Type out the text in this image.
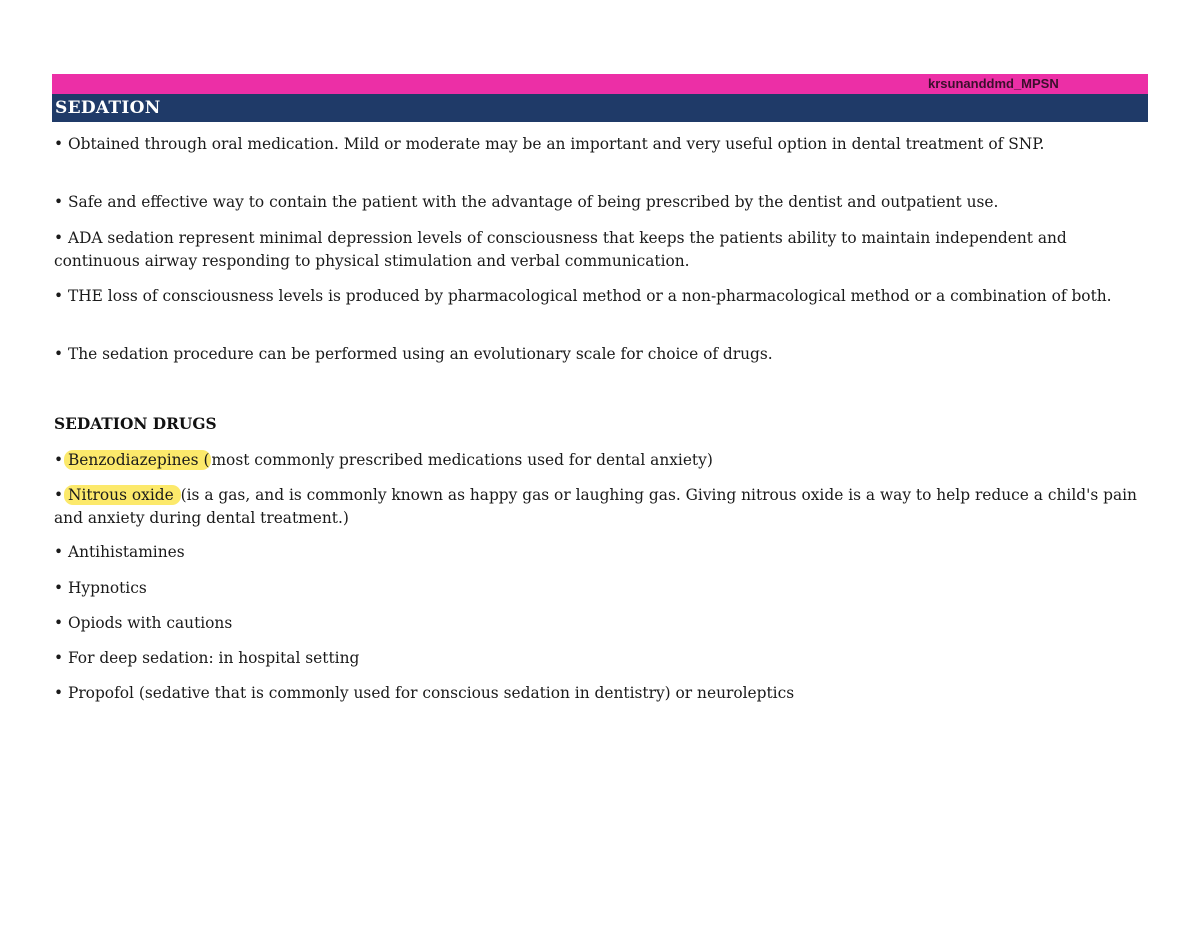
krsunanddmd_MPSN
SEDATION

• Obtained through oral medication. Mild or moderate may be an important and very useful option in dental treatment of SNP.

• Safe and effective way to contain the patient with the advantage of being prescribed by the dentist and outpatient use.

• ADA sedation represent minimal depression levels of consciousness that keeps the patients ability to maintain independent and continuous airway responding to physical stimulation and verbal communication.

• THE loss of consciousness levels is produced by pharmacological method or a non-pharmacological method or a combination of both.

• The sedation procedure can be performed using an evolutionary scale for choice of drugs.

SEDATION DRUGS

• Benzodiazepines ( most commonly prescribed medications used for dental anxiety)

• Nitrous oxide (is a gas, and is commonly known as happy gas or laughing gas. Giving nitrous oxide is a way to help reduce a child's pain and anxiety during dental treatment.)

• Antihistamines

• Hypnotics

• Opiods with cautions

• For deep sedation: in hospital setting

• Propofol (sedative that is commonly used for conscious sedation in dentistry) or neuroleptics
